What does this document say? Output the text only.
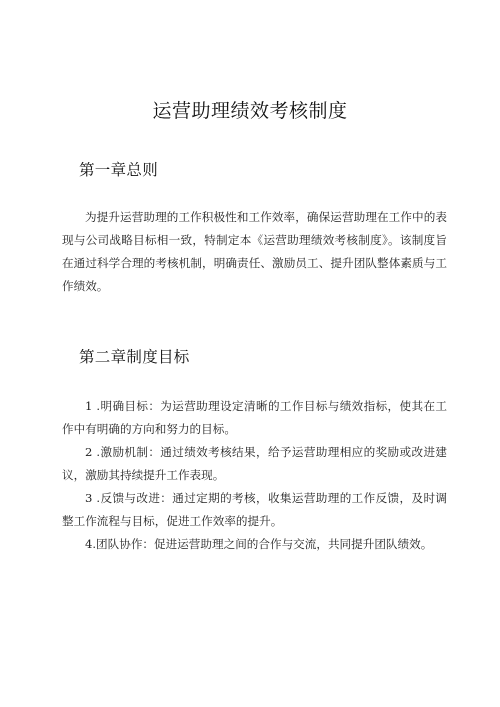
运营助理绩效考核制度
第一章总则

为提升运营助理的工作积极性和工作效率，确保运营助理在工作中的表现与公司战略目标相一致，特制定本《运营助理绩效考核制度》。该制度旨在通过科学合理的考核机制，明确责任、激励员工、提升团队整体素质与工作绩效。

第二章制度目标

1 .明确目标：为运营助理设定清晰的工作目标与绩效指标，使其在工作中有明确的方向和努力的目标。

2 .激励机制：通过绩效考核结果，给予运营助理相应的奖励或改进建议，激励其持续提升工作表现。

3 .反馈与改进：通过定期的考核，收集运营助理的工作反馈，及时调整工作流程与目标，促进工作效率的提升。

4.团队协作：促进运营助理之间的合作与交流，共同提升团队绩效。
